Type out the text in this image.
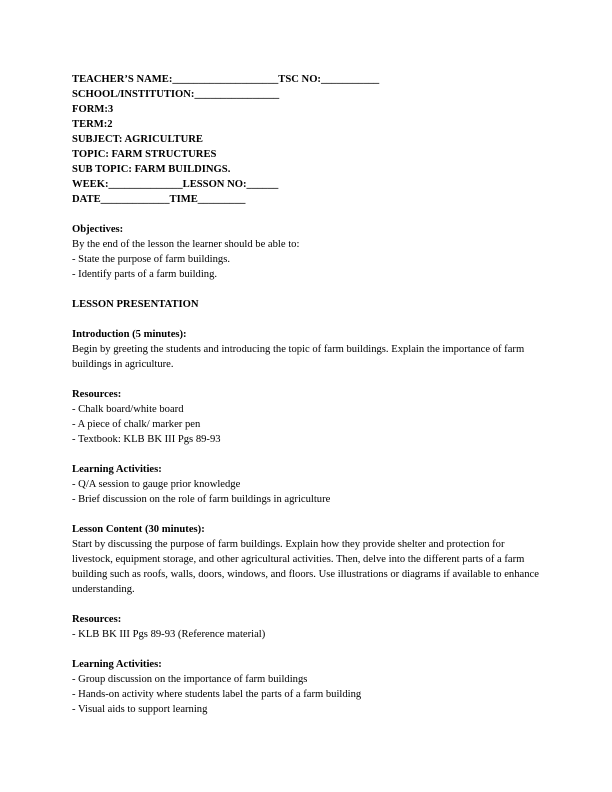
TEACHER’S NAME:____________________TSC NO:___________
SCHOOL/INSTITUTION:________________
FORM:3
TERM:2
SUBJECT: AGRICULTURE
TOPIC: FARM STRUCTURES
SUB TOPIC: FARM BUILDINGS.
WEEK:______________LESSON NO:______
DATE_____________TIME_________
Objectives:
By the end of the lesson the learner should be able to:
- State the purpose of farm buildings.
- Identify parts of a farm building.
LESSON PRESENTATION
Introduction (5 minutes):

Begin by greeting the students and introducing the topic of farm buildings. Explain the importance of farm buildings in agriculture.

Resources:
- Chalk board/white board
- A piece of chalk/ marker pen
- Textbook: KLB BK III Pgs 89-93
Learning Activities:
- Q/A session to gauge prior knowledge
- Brief discussion on the role of farm buildings in agriculture
Lesson Content (30 minutes):

Start by discussing the purpose of farm buildings. Explain how they provide shelter and protection for livestock, equipment storage, and other agricultural activities. Then, delve into the different parts of a farm building such as roofs, walls, doors, windows, and floors. Use illustrations or diagrams if available to enhance understanding.

Resources:
- KLB BK III Pgs 89-93 (Reference material)
Learning Activities:
- Group discussion on the importance of farm buildings
- Hands-on activity where students label the parts of a farm building
- Visual aids to support learning
